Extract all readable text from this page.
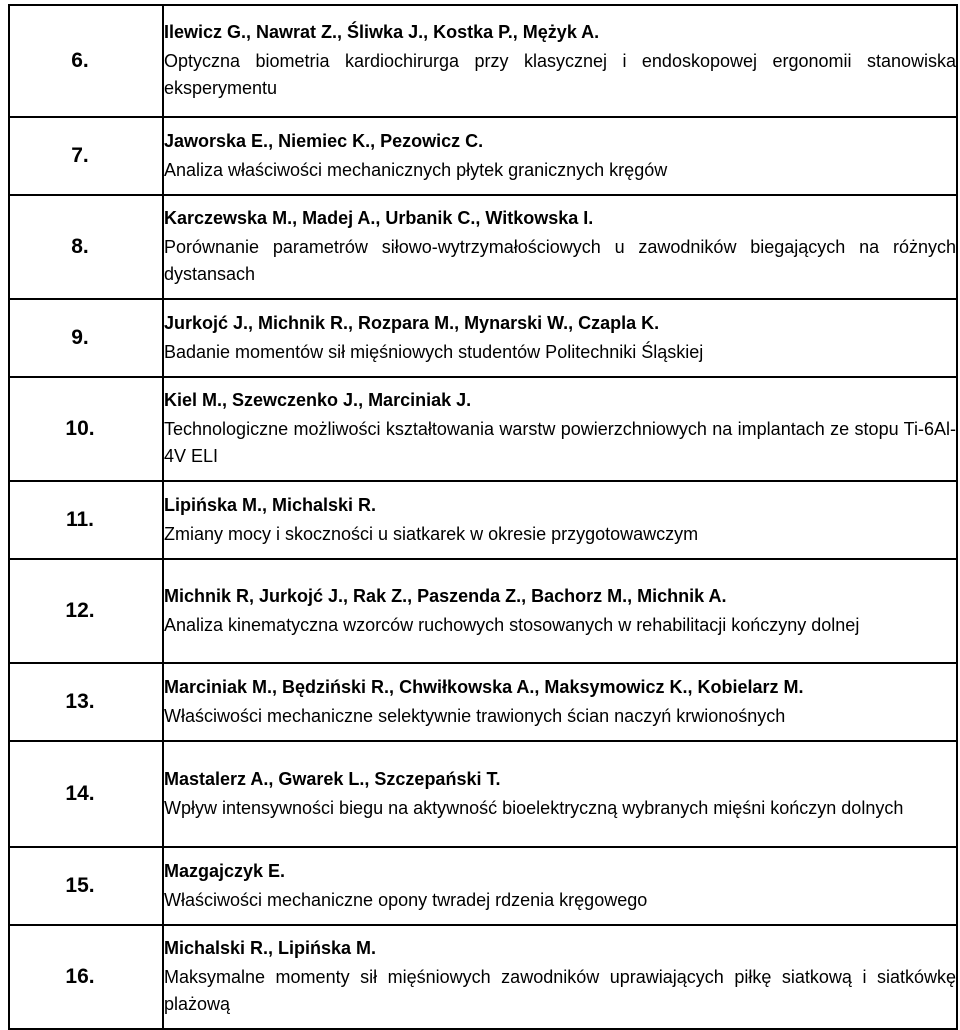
6.	Ilewicz G., Nawrat Z., Śliwka J., Kostka P., Mężyk A.
Optyczna biometria kardiochirurga przy klasycznej i endoskopowej ergonomii stanowiska eksperymentu

7.	Jaworska E., Niemiec K., Pezowicz C.
Analiza właściwości mechanicznych płytek granicznych kręgów

8.	Karczewska M., Madej A., Urbanik C., Witkowska I.
Porównanie parametrów siłowo-wytrzymałościowych u zawodników biegających na różnych dystansach

9.	Jurkojć J., Michnik R., Rozpara M., Mynarski W., Czapla K.
Badanie momentów sił mięśniowych studentów Politechniki Śląskiej

10.	Kiel M., Szewczenko J., Marciniak J.
Technologiczne możliwości kształtowania warstw powierzchniowych na implantach ze stopu Ti-6Al-4V ELI

11.	Lipińska M., Michalski R.
Zmiany mocy i skoczności u siatkarek w okresie przygotowawczym

12.	Michnik R, Jurkojć J., Rak Z., Paszenda Z., Bachorz M., Michnik A.
Analiza kinematyczna wzorców ruchowych stosowanych w rehabilitacji kończyny dolnej

13.	Marciniak M., Będziński R., Chwiłkowska A., Maksymowicz K., Kobielarz M.
Właściwości mechaniczne selektywnie trawionych ścian naczyń krwionośnych

14.	Mastalerz A., Gwarek L., Szczepański T.
Wpływ intensywności biegu na aktywność bioelektryczną wybranych mięśni kończyn dolnych

15.	Mazgajczyk E.
Właściwości mechaniczne opony twradej rdzenia kręgowego

16.	Michalski R., Lipińska M.
Maksymalne momenty sił mięśniowych zawodników uprawiających piłkę siatkową i siatkówkę plażową
